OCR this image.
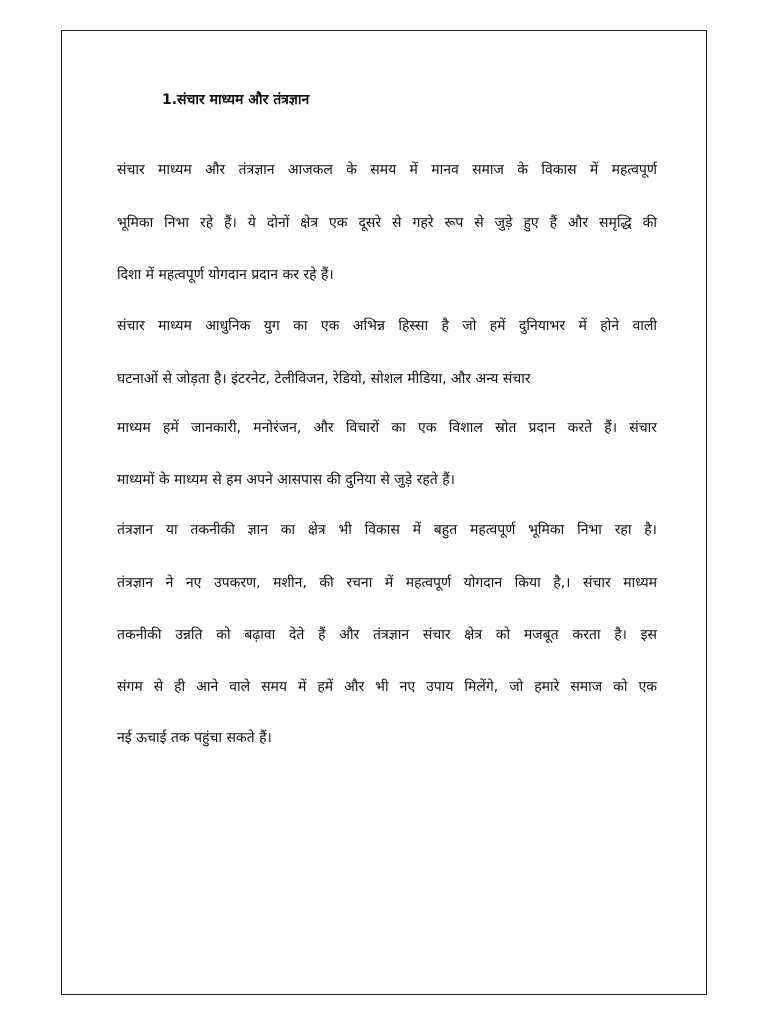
1.संचार माध्यम और तंत्रज्ञान
संचार माध्यम और तंत्रज्ञान आजकल के समय में मानव समाज के विकास में महत्वपूर्ण
भूमिका निभा रहे हैं। ये दोनों क्षेत्र एक दूसरे से गहरे रूप से जुड़े हुए हैं और समृद्धि की
दिशा में महत्वपूर्ण योगदान प्रदान कर रहे हैं।
संचार माध्यम आधुनिक युग का एक अभिन्न हिस्सा है जो हमें दुनियाभर में होने वाली
घटनाओं से जोड़ता है। इंटरनेट, टेलीविजन, रेडियो, सोशल मीडिया, और अन्य संचार
माध्यम हमें जानकारी, मनोरंजन, और विचारों का एक विशाल स्रोत प्रदान करते हैं। संचार
माध्यमों के माध्यम से हम अपने आसपास की दुनिया से जुड़े रहते हैं।
तंत्रज्ञान या तकनीकी ज्ञान का क्षेत्र भी विकास में बहुत महत्वपूर्ण भूमिका निभा रहा है।
तंत्रज्ञान ने नए उपकरण, मशीन, की रचना में महत्वपूर्ण योगदान किया है,। संचार माध्यम
तकनीकी उन्नति को बढ़ावा देते हैं और तंत्रज्ञान संचार क्षेत्र को मजबूत करता है। इस
संगम से ही आने वाले समय में हमें और भी नए उपाय मिलेंगे, जो हमारे समाज को एक
नई ऊचाई तक पहुंचा सकते हैं।
